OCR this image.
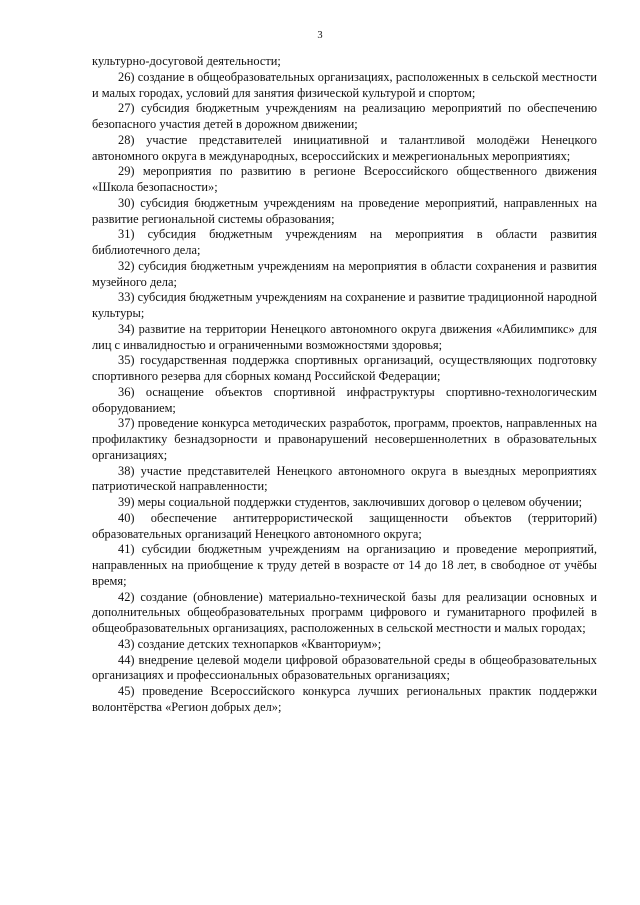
3

культурно-досуговой деятельности;

26) создание в общеобразовательных организациях, расположенных в сельской местности и малых городах, условий для занятия физической культурой и спортом;

27) субсидия бюджетным учреждениям на реализацию мероприятий по обеспечению безопасного участия детей в дорожном движении;

28) участие представителей инициативной и талантливой молодёжи Ненецкого автономного округа в международных, всероссийских и межрегиональных мероприятиях;

29) мероприятия по развитию в регионе Всероссийского общественного движения «Школа безопасности»;

30) субсидия бюджетным учреждениям на проведение мероприятий, направленных на развитие региональной системы образования;

31) субсидия бюджетным учреждениям на мероприятия в области развития библиотечного дела;

32) субсидия бюджетным учреждениям на мероприятия в области сохранения и развития музейного дела;

33) субсидия бюджетным учреждениям на сохранение и развитие традиционной народной культуры;

34) развитие на территории Ненецкого автономного округа движения «Абилимпикс» для лиц с инвалидностью и ограниченными возможностями здоровья;

35) государственная поддержка спортивных организаций, осуществляющих подготовку спортивного резерва для сборных команд Российской Федерации;

36) оснащение объектов спортивной инфраструктуры спортивно-технологическим оборудованием;

37) проведение конкурса методических разработок, программ, проектов, направленных на профилактику безнадзорности и правонарушений несовершеннолетних в образовательных организациях;

38) участие представителей Ненецкого автономного округа в выездных мероприятиях патриотической направленности;

39) меры социальной поддержки студентов, заключивших договор о целевом обучении;

40) обеспечение антитеррористической защищенности объектов (территорий) образовательных организаций Ненецкого автономного округа;

41) субсидии бюджетным учреждениям на организацию и проведение мероприятий, направленных на приобщение к труду детей в возрасте от 14 до 18 лет, в свободное от учёбы время;

42) создание (обновление) материально-технической базы для реализации основных и дополнительных общеобразовательных программ цифрового и гуманитарного профилей в общеобразовательных организациях, расположенных в сельской местности и малых городах;

43) создание детских технопарков «Кванториум»;

44) внедрение целевой модели цифровой образовательной среды в общеобразовательных организациях и профессиональных образовательных организациях;

45) проведение Всероссийского конкурса лучших региональных практик поддержки волонтёрства «Регион добрых дел»;
